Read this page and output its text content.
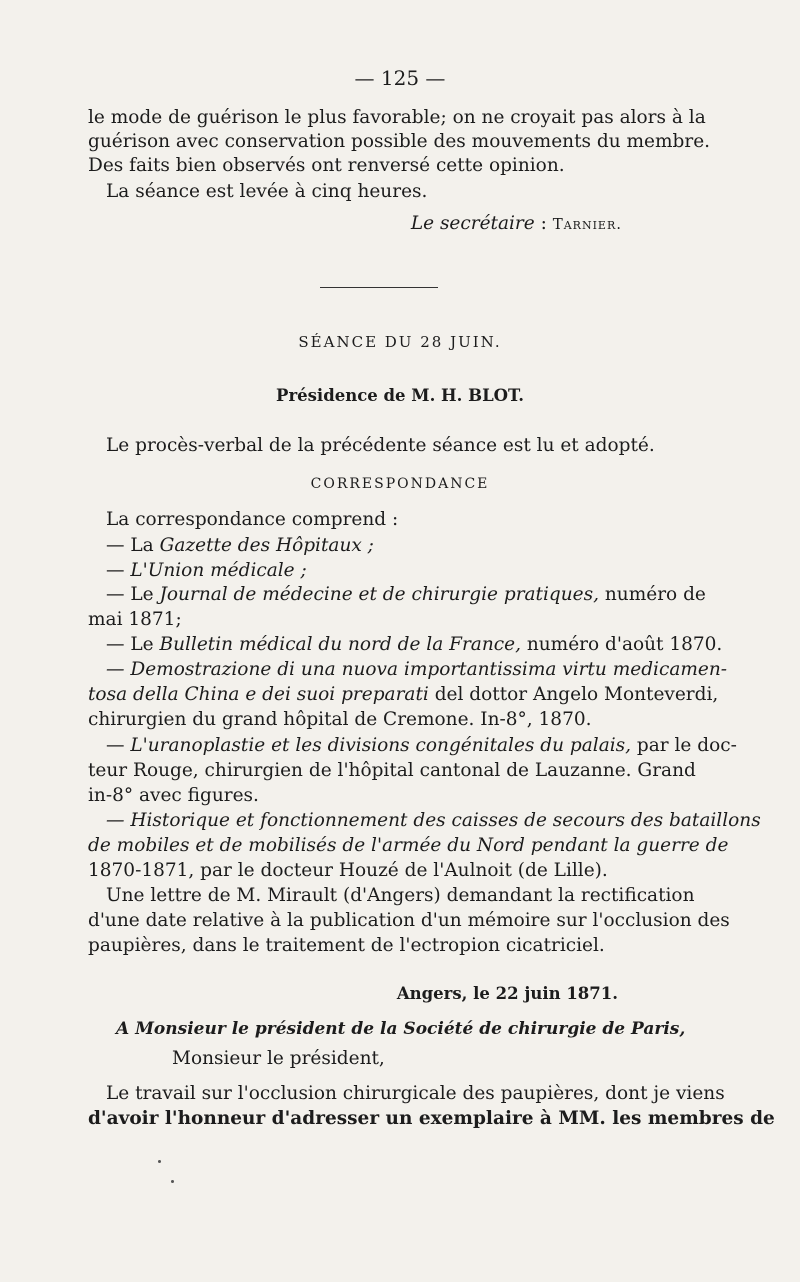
— 125 —
le mode de guérison le plus favorable; on ne croyait pas alors à la
guérison avec conservation possible des mouvements du membre.
Des faits bien observés ont renversé cette opinion.
La séance est levée à cinq heures.
Le secrétaire : Tarnier.
SÉANCE DU 28 JUIN.
Présidence de M. H. BLOT.
Le procès-verbal de la précédente séance est lu et adopté.
CORRESPONDANCE
La correspondance comprend :
— La Gazette des Hôpitaux ;
— L'Union médicale ;
— Le Journal de médecine et de chirurgie pratiques, numéro de
mai 1871;
— Le Bulletin médical du nord de la France, numéro d'août 1870.
— Demostrazione di una nuova importantissima virtu medicamen-
tosa della China e dei suoi preparati del dottor Angelo Monteverdi,
chirurgien du grand hôpital de Cremone. In-8°, 1870.
— L'uranoplastie et les divisions congénitales du palais, par le doc-
teur Rouge, chirurgien de l'hôpital cantonal de Lauzanne. Grand
in-8° avec figures.
— Historique et fonctionnement des caisses de secours des bataillons
de mobiles et de mobilisés de l'armée du Nord pendant la guerre de
1870-1871, par le docteur Houzé de l'Aulnoit (de Lille).
Une lettre de M. Mirault (d'Angers) demandant la rectification
d'une date relative à la publication d'un mémoire sur l'occlusion des
paupières, dans le traitement de l'ectropion cicatriciel.
Angers, le 22 juin 1871.
A Monsieur le président de la Société de chirurgie de Paris,
Monsieur le président,
Le travail sur l'occlusion chirurgicale des paupières, dont je viens
d'avoir l'honneur d'adresser un exemplaire à MM. les membres de
